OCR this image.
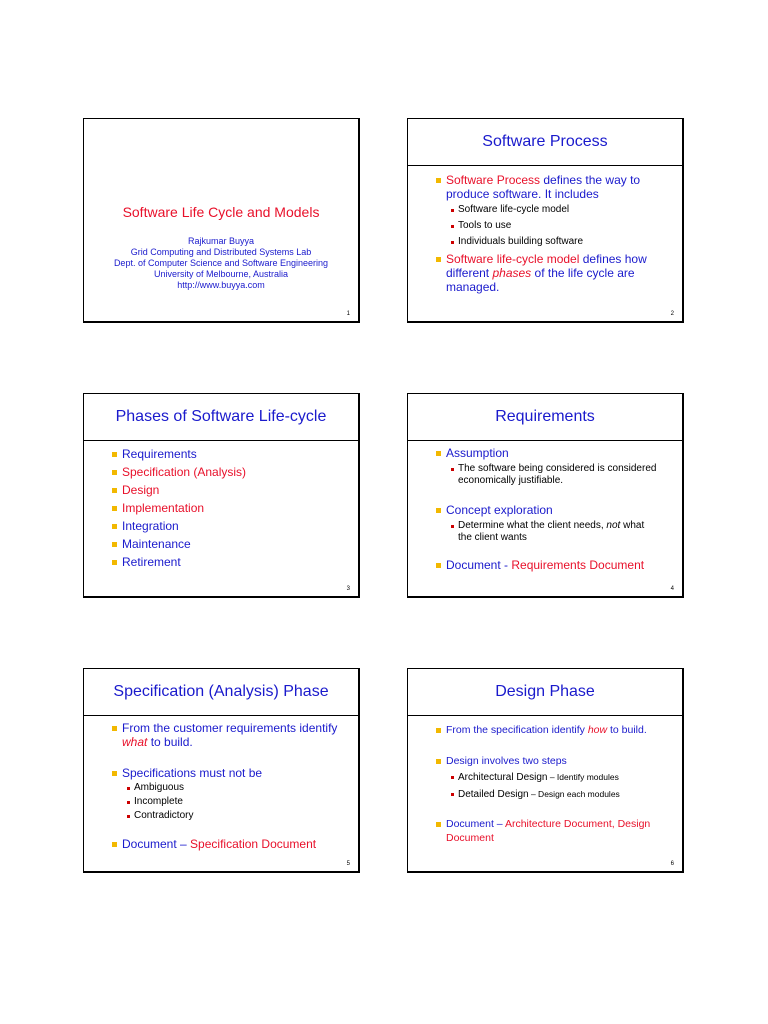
Software Life Cycle and Models
Rajkumar Buyya
Grid Computing and Distributed Systems Lab
Dept. of Computer Science and Software Engineering
University of Melbourne, Australia
http://www.buyya.com
1
Software Process
Software Process defines the way to
produce software. It includes
Software life-cycle model
Tools to use
Individuals building software
Software life-cycle model defines how
different phases of the life cycle are
managed.
2
Phases of Software Life-cycle
Requirements
Specification (Analysis)
Design
Implementation
Integration
Maintenance
Retirement
3
Requirements
Assumption
The software being considered is considered
economically justifiable.
Concept exploration
Determine what the client needs, not what
the client wants
Document - Requirements Document
4
Specification (Analysis) Phase
From the customer requirements identify
what to build.
Specifications must not be
Ambiguous
Incomplete
Contradictory
Document – Specification Document
5
Design Phase
From the specification identify how to build.
Design involves two steps
Architectural Design – Identify modules
Detailed Design – Design each modules
Document – Architecture Document, Design
Document
6
